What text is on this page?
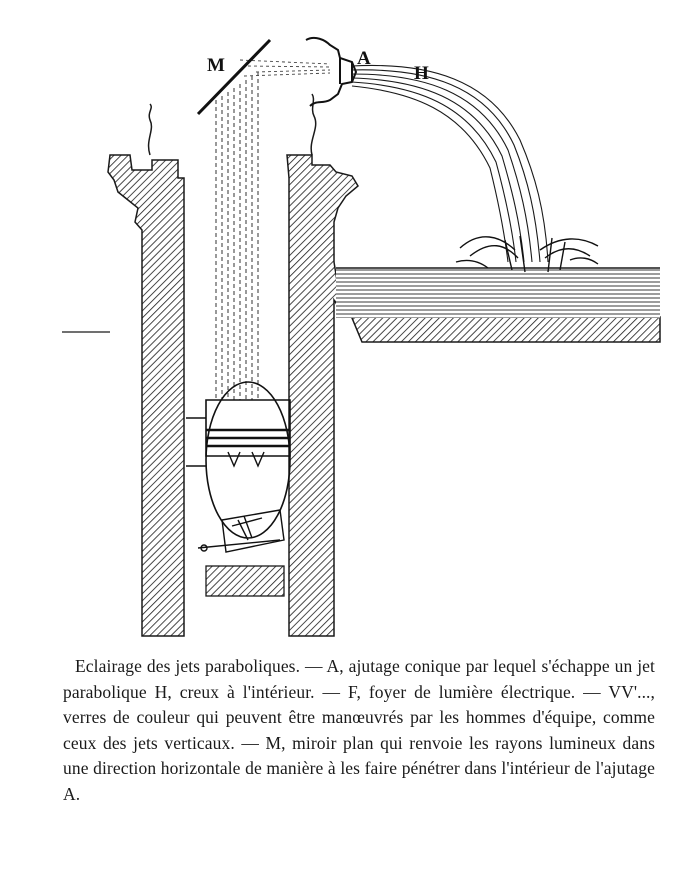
M	A
H
Eclairage des jets paraboliques. — A, ajutage conique par lequel s'échappe un jet parabolique H, creux à l'intérieur. — F, foyer de lumière électrique. — VV'..., verres de couleur qui peuvent être manœuvrés par les hommes d'équipe, comme ceux des jets verticaux. — M, miroir plan qui renvoie les rayons lumineux dans une direction horizontale de manière à les faire pénétrer dans l'intérieur de l'ajutage A.
